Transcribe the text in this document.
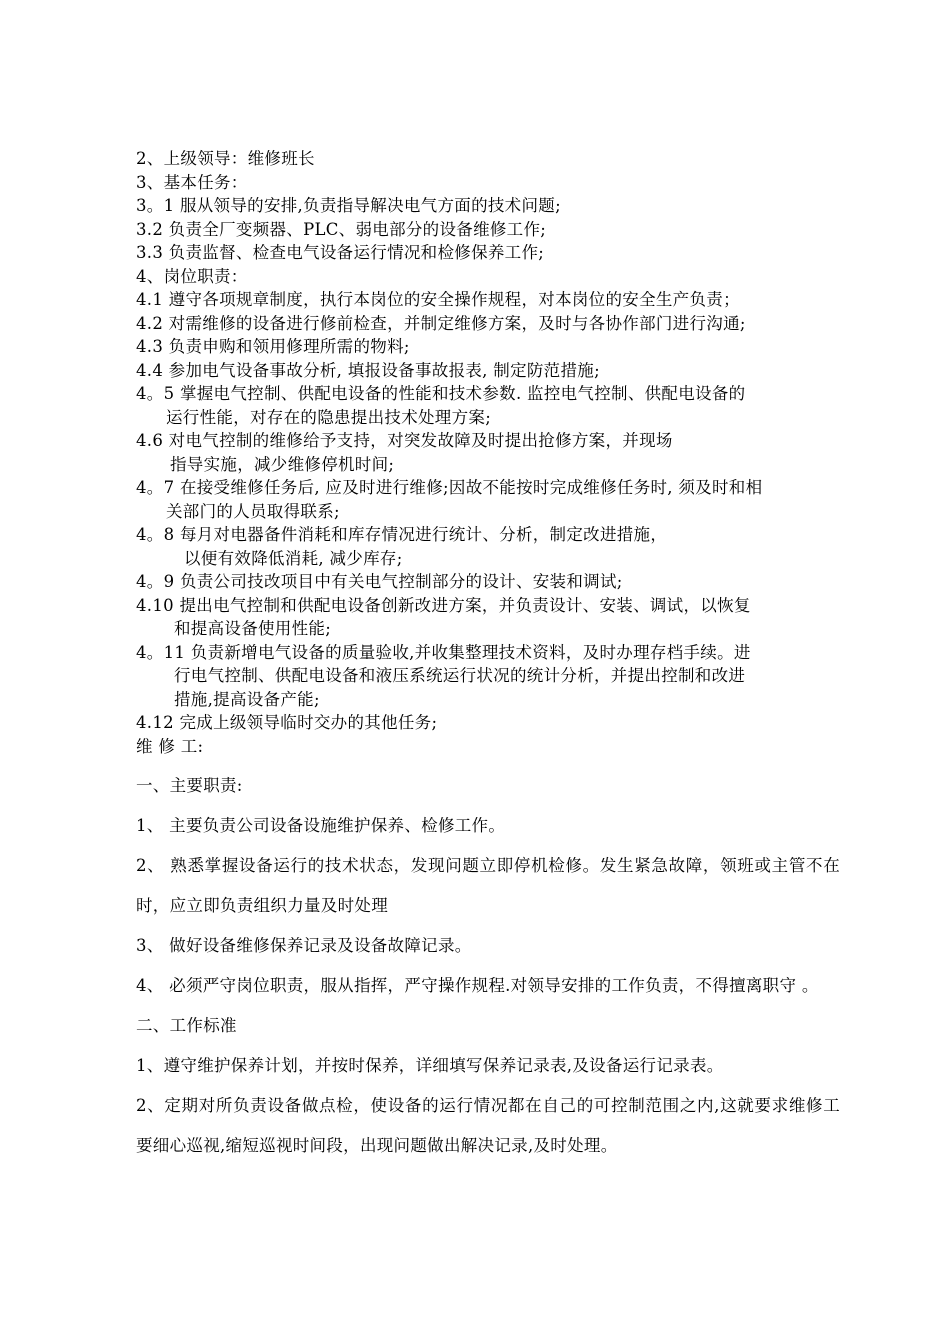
2、上级领导：维修班长
3、基本任务：
3。1 服从领导的安排,负责指导解决电气方面的技术问题;
3.2 负责全厂变频器、PLC、弱电部分的设备维修工作;
3.3 负责监督、检查电气设备运行情况和检修保养工作;
4、岗位职责：
4.1 遵守各项规章制度，执行本岗位的安全操作规程，对本岗位的安全生产负责；
4.2 对需维修的设备进行修前检查，并制定维修方案，及时与各协作部门进行沟通;
4.3 负责申购和领用修理所需的物料;
4.4 参加电气设备事故分析, 填报设备事故报表, 制定防范措施;
4。5 掌握电气控制、供配电设备的性能和技术参数. 监控电气控制、供配电设备的
运行性能，对存在的隐患提出技术处理方案;
4.6 对电气控制的维修给予支持，对突发故障及时提出抢修方案，并现场
指导实施，减少维修停机时间;
4。7 在接受维修任务后, 应及时进行维修;因故不能按时完成维修任务时, 须及时和相
关部门的人员取得联系;
4。8 每月对电器备件消耗和库存情况进行统计、分析，制定改进措施，
以便有效降低消耗, 减少库存;
4。9 负责公司技改项目中有关电气控制部分的设计、安装和调试;
4.10 提出电气控制和供配电设备创新改进方案，并负责设计、安装、调试，以恢复
和提高设备使用性能;
4。11 负责新增电气设备的质量验收,并收集整理技术资料，及时办理存档手续。进
行电气控制、供配电设备和液压系统运行状况的统计分析，并提出控制和改进
措施,提高设备产能;
4.12 完成上级领导临时交办的其他任务;
维 修 工:
一、主要职责:
1、 主要负责公司设备设施维护保养、检修工作。
2、 熟悉掌握设备运行的技术状态，发现问题立即停机检修。发生紧急故障，领班或主管不在时，应立即负责组织力量及时处理
3、 做好设备维修保养记录及设备故障记录。
4、 必须严守岗位职责，服从指挥，严守操作规程.对领导安排的工作负责，不得擅离职守 。
二、工作标准
1、遵守维护保养计划，并按时保养，详细填写保养记录表,及设备运行记录表。
2、定期对所负责设备做点检，使设备的运行情况都在自己的可控制范围之内,这就要求维修工要细心巡视,缩短巡视时间段，出现问题做出解决记录,及时处理。
